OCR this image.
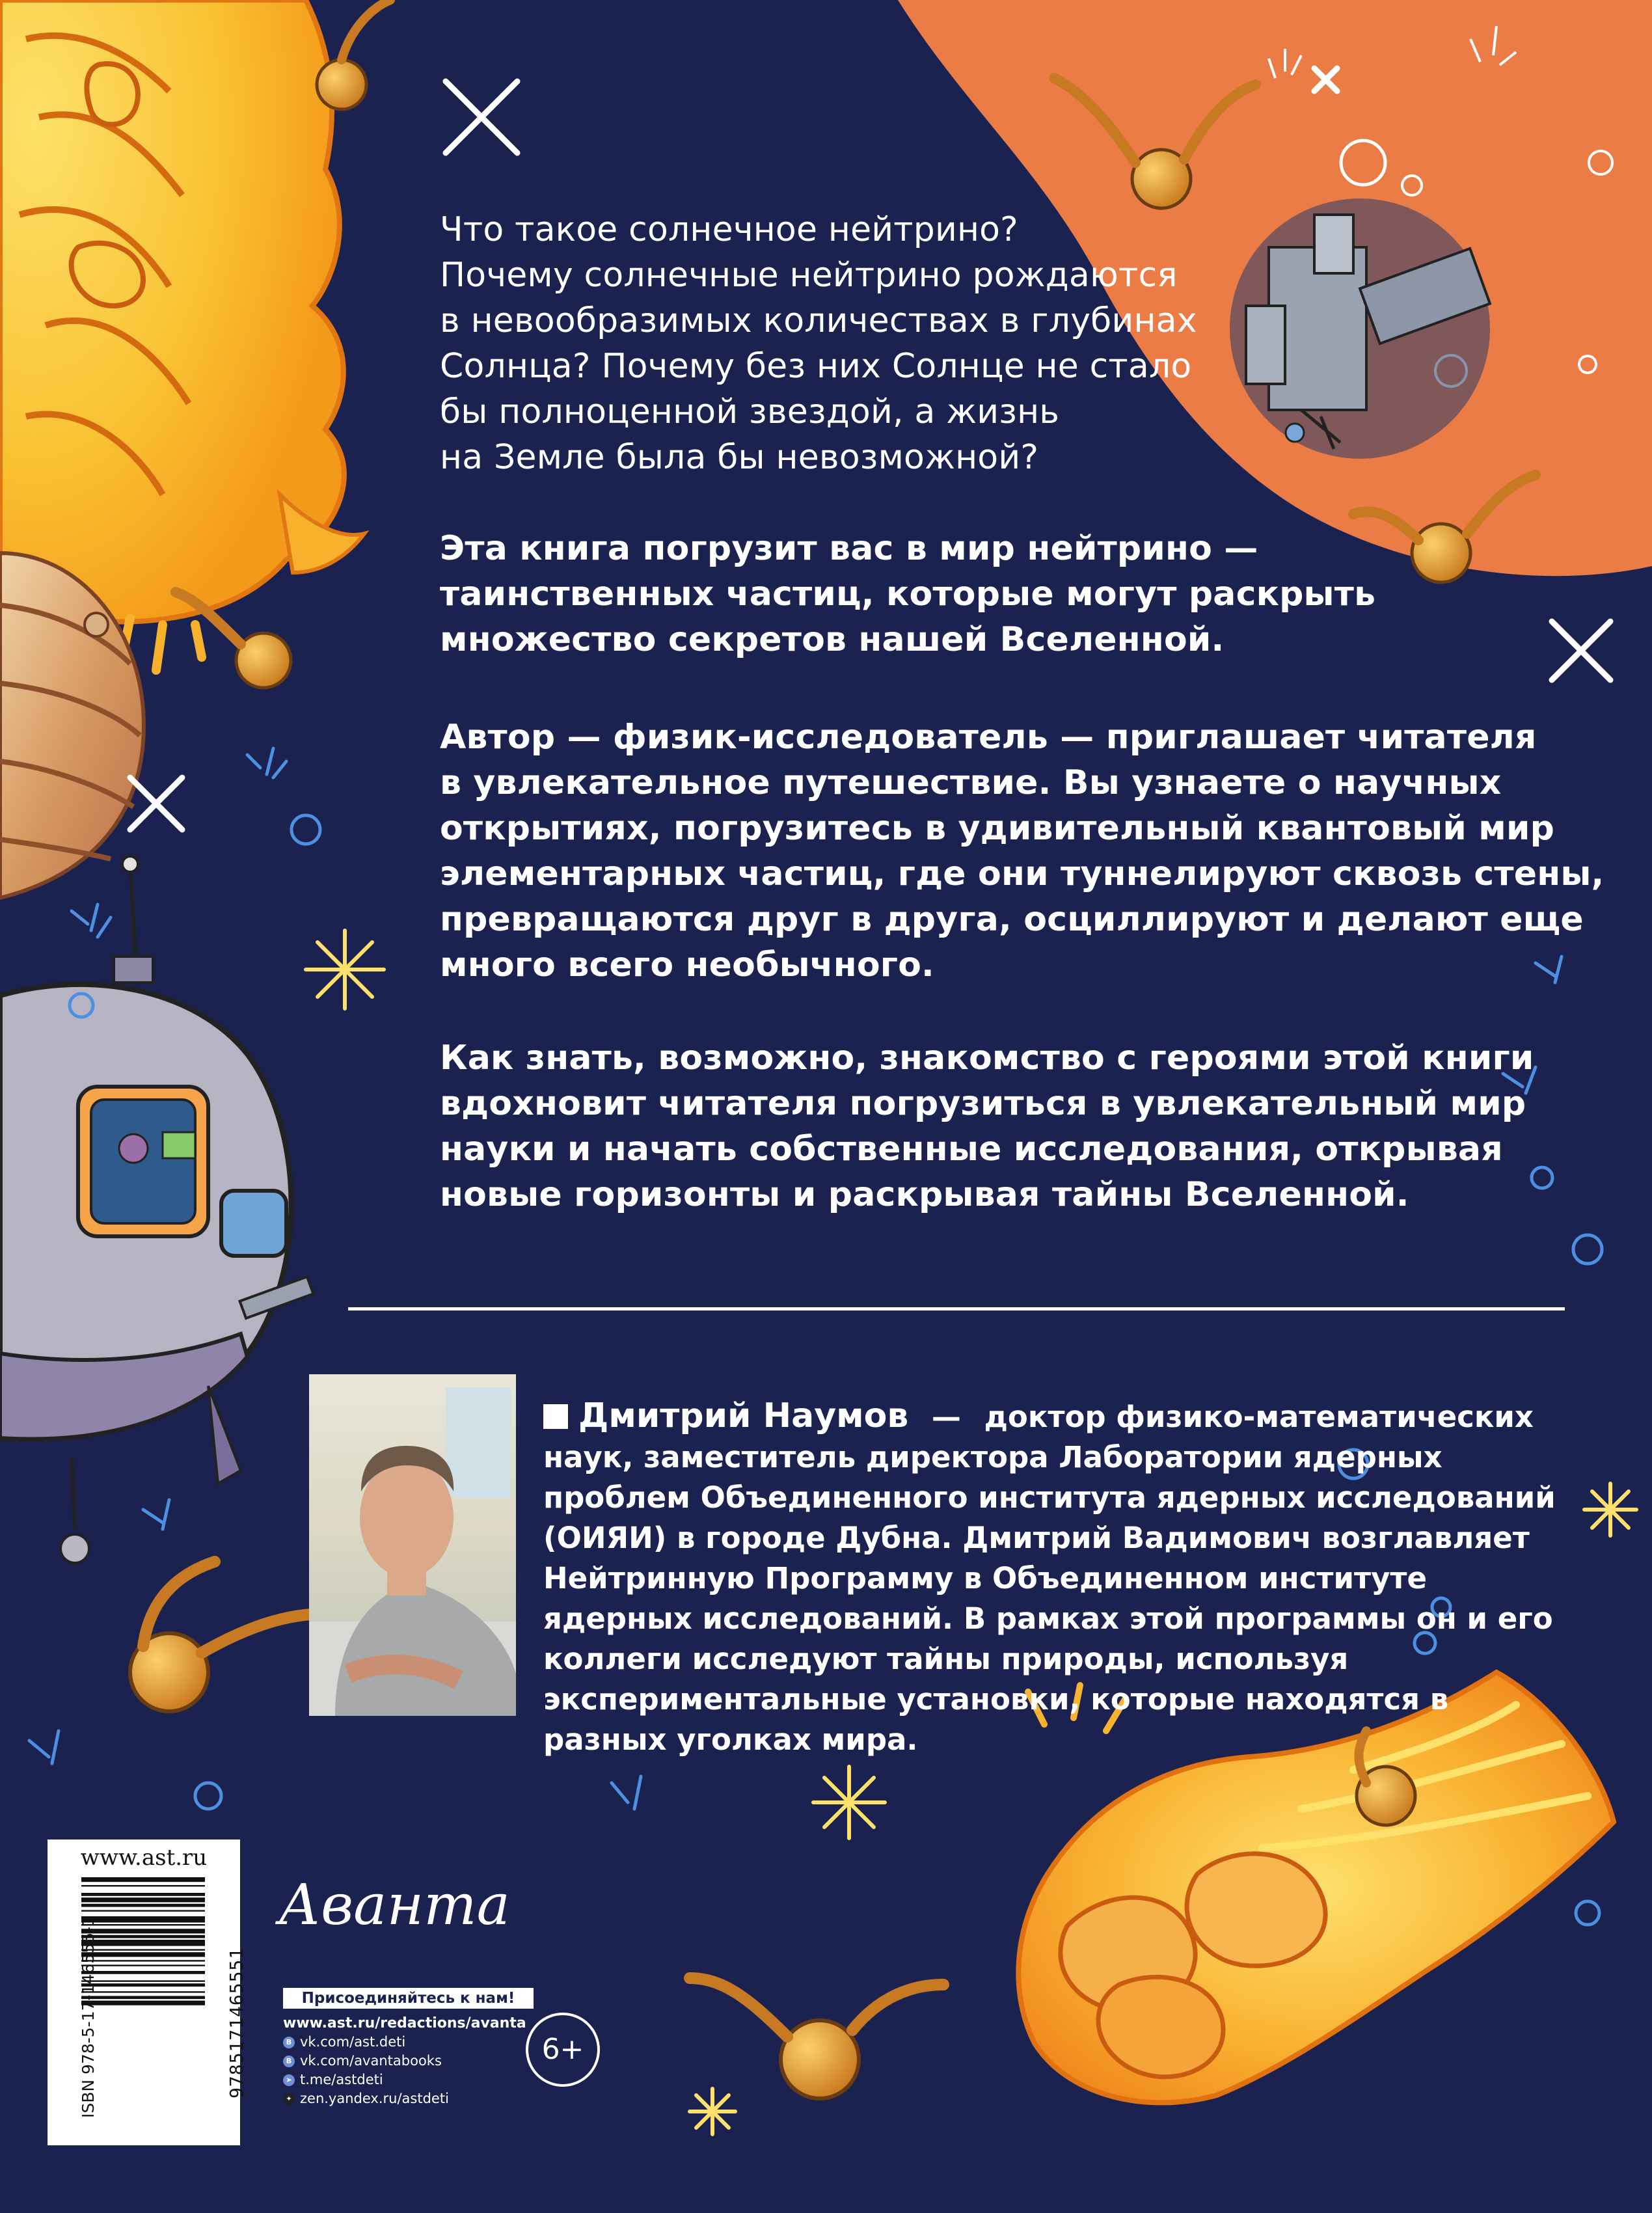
Что такое солнечное нейтрино?
Почему солнечные нейтрино рождаются
в невообразимых количествах в глубинах
Солнца? Почему без них Солнце не стало
бы полноценной звездой, а жизнь
на Земле была бы невозможной?

Эта книга погрузит вас в мир нейтрино —
таинственных частиц, которые могут раскрыть
множество секретов нашей Вселенной.

Автор — физик-исследователь — приглашает читателя
в увлекательное путешествие. Вы узнаете о научных
открытиях, погрузитесь в удивительный квантовый мир
элементарных частиц, где они туннелируют сквозь стены,
превращаются друг в друга, осциллируют и делают еще
много всего необычного.

Как знать, возможно, знакомство с героями этой книги
вдохновит читателя погрузиться в увлекательный мир
науки и начать собственные исследования, открывая
новые горизонты и раскрывая тайны Вселенной.

Дмитрий Наумов — доктор физико-математических наук, заместитель директора Лаборатории ядерных проблем Объединенного института ядерных исследований (ОИЯИ) в городе Дубна. Дмитрий Вадимович возглавляет Нейтринную Программу в Объединенном институте ядерных исследований. В рамках этой программы он и его коллеги исследуют тайны природы, используя экспериментальные установки, которые находятся в разных уголках мира.
www.ast.ru
ISBN 978-5-17-146555-1	9785171465551
Аванта
Присоединяйтесь к нам!
www.ast.ru/redactions/avanta
B vk.com/ast.deti
B vk.com/avantabooks
➤ t.me/astdeti
✦ zen.yandex.ru/astdeti
6+
